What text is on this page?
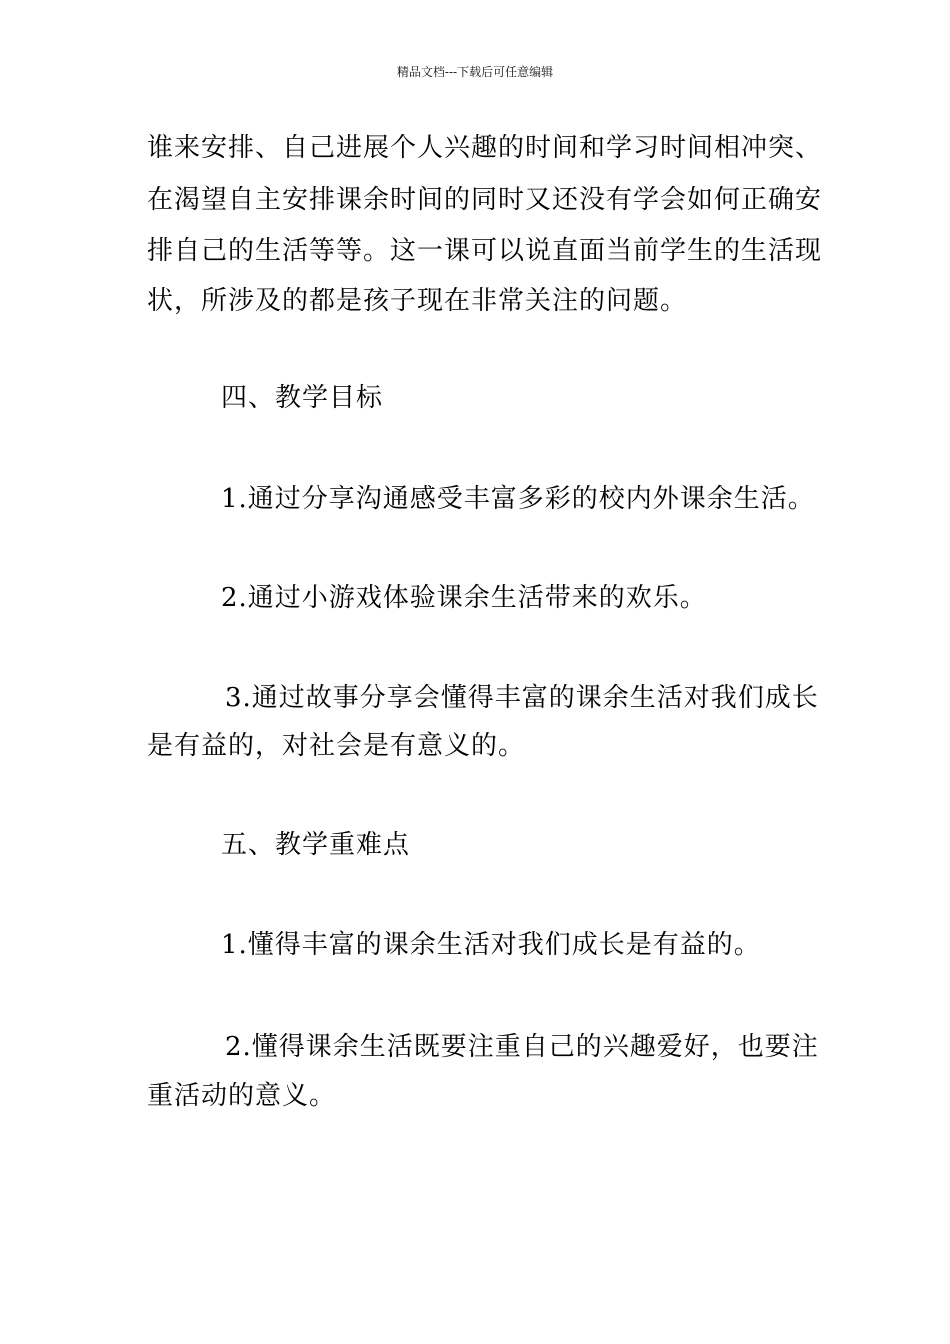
精品文档---下载后可任意编辑
谁来安排、自己进展个人兴趣的时间和学习时间相冲突、
在渴望自主安排课余时间的同时又还没有学会如何正确安
排自己的生活等等。这一课可以说直面当前学生的生活现
状，所涉及的都是孩子现在非常关注的问题。
四、教学目标
1.通过分享沟通感受丰富多彩的校内外课余生活。
2.通过小游戏体验课余生活带来的欢乐。
3.通过故事分享会懂得丰富的课余生活对我们成长
是有益的，对社会是有意义的。
五、教学重难点
1.懂得丰富的课余生活对我们成长是有益的。
2.懂得课余生活既要注重自己的兴趣爱好，也要注
重活动的意义。
